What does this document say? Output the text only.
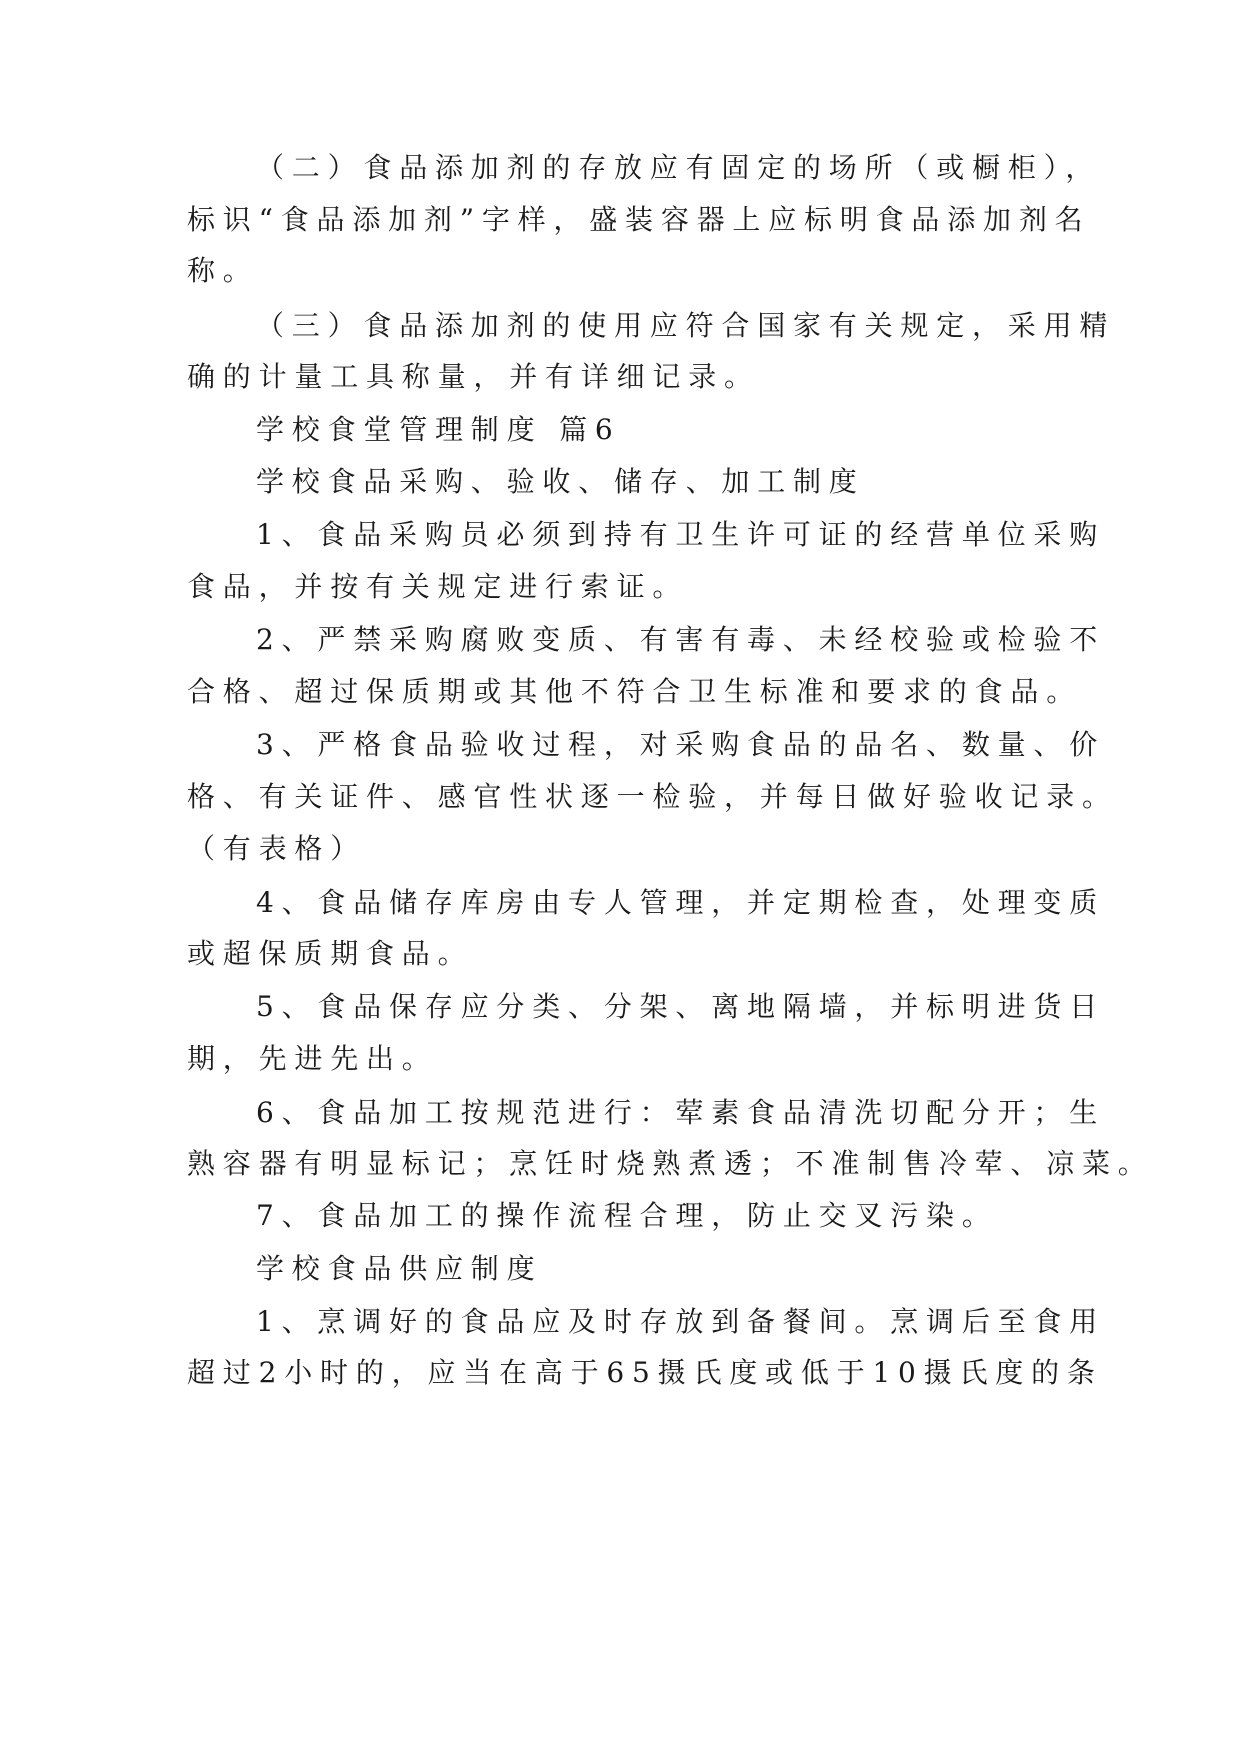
（二）食品添加剂的存放应有固定的场所（或橱柜），
标识“食品添加剂”字样，盛装容器上应标明食品添加剂名
称。
（三）食品添加剂的使用应符合国家有关规定，采用精
确的计量工具称量，并有详细记录。
学校食堂管理制度 篇6
学校食品采购、验收、储存、加工制度
1、食品采购员必须到持有卫生许可证的经营单位采购
食品，并按有关规定进行索证。
2、严禁采购腐败变质、有害有毒、未经校验或检验不
合格、超过保质期或其他不符合卫生标准和要求的食品。
3、严格食品验收过程，对采购食品的品名、数量、价
格、有关证件、感官性状逐一检验，并每日做好验收记录。
（有表格）
4、食品储存库房由专人管理，并定期检查，处理变质
或超保质期食品。
5、食品保存应分类、分架、离地隔墙，并标明进货日
期，先进先出。
6、食品加工按规范进行：荤素食品清洗切配分开；生
熟容器有明显标记；烹饪时烧熟煮透；不准制售冷荤、凉菜。
7、食品加工的操作流程合理，防止交叉污染。
学校食品供应制度
1、烹调好的食品应及时存放到备餐间。烹调后至食用
超过2小时的，应当在高于65摄氏度或低于10摄氏度的条
